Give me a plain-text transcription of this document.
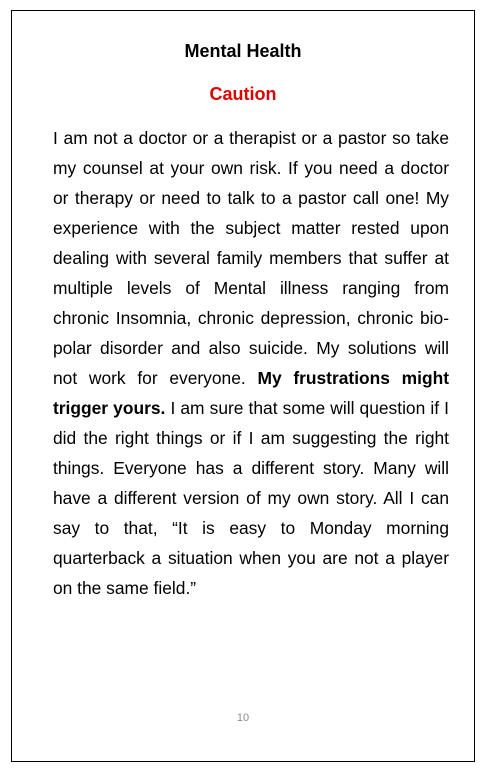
Mental Health
Caution

I am not a doctor or a therapist or a pastor so take my counsel at your own risk. If you need a doctor or therapy or need to talk to a pastor call one! My experience with the subject matter rested upon dealing with several family members that suffer at multiple levels of Mental illness ranging from chronic Insomnia, chronic depression, chronic bio-polar disorder and also suicide. My solutions will not work for everyone. My frustrations might trigger yours. I am sure that some will question if I did the right things or if I am suggesting the right things. Everyone has a different story. Many will have a different version of my own story. All I can say to that, “It is easy to Monday morning quarterback a situation when you are not a player on the same field.”

10
